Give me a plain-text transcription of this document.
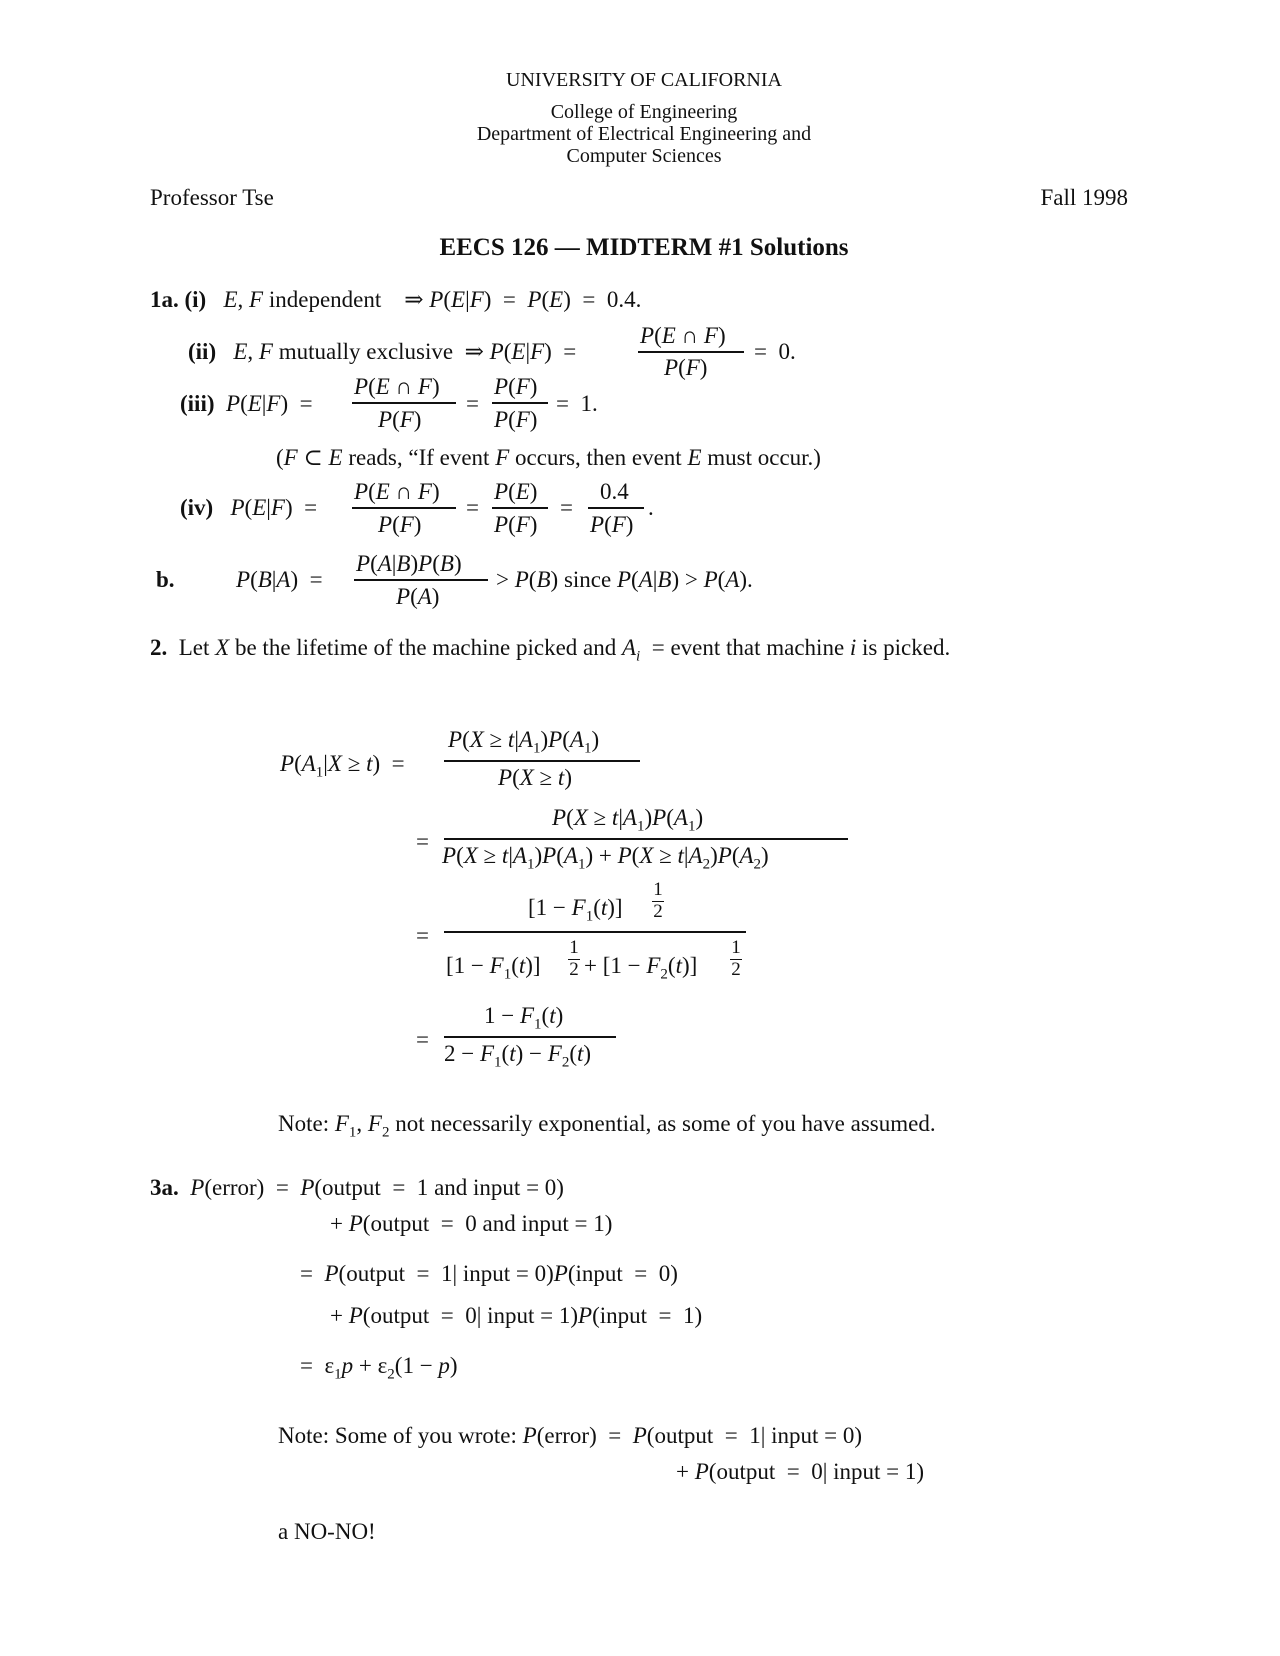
UNIVERSITY OF CALIFORNIA
College of Engineering
Department of Electrical Engineering and
Computer Sciences
Professor Tse	Fall 1998
EECS 126 — MIDTERM #1 Solutions
1a. (i) E, F independent    ⇒ P(E|F)  =  P(E)  =  0.4.
(ii) E, F mutually exclusive  ⇒ P(E|F)  =
P(E ∩ F)
P(F)
=  0.
(iii) P(E|F)  =
P(E ∩ F)
P(F)
=
P(F)
P(F)
=  1.
(F ⊂ E reads, “If event F occurs, then event E must occur.)
(iv) P(E|F)  =
P(E ∩ F)
P(F)
=
P(E)
P(F)
=
0.4
P(F)
.
b.	P(B|A)  =
P(A|B)P(B)
P(A)
> P(B) since P(A|B) > P(A).
2. Let X be the lifetime of the machine picked and $A_i$  = event that machine i is picked.
$P(A_1|X \ge t)$  =
$P(X \ge t|A_1)P(A_1)$
P(X ≥ t)
=
$P(X \ge t|A_1)P(A_1)$
$P(X \ge t|A_1)P(A_1) + P(X \ge t|A_2)P(A_2)$
=
$[1 - F_1(t)]$
1

2
$[1 - F_1(t)]$
1

$2 + [1 - F_2(t)]$
1

2
=
$1 - F_1(t)$
$2 - F_1(t) - F_2(t)$
Note: $F_1$, $F_2$ not necessarily exponential, as some of you have assumed.
3a. P(error)  =  P(output  =  1 and input = 0)
+ P(output  =  0 and input = 1)
=  P(output  =  1| input = 0)P(input  =  0)
+ P(output  =  0| input = 1)P(input  =  1)
=  $\varepsilon_1p + \varepsilon_2(1 - p)$
Note: Some of you wrote: P(error)  =  P(output  =  1| input = 0)
+ P(output  =  0| input = 1)
a NO-NO!
